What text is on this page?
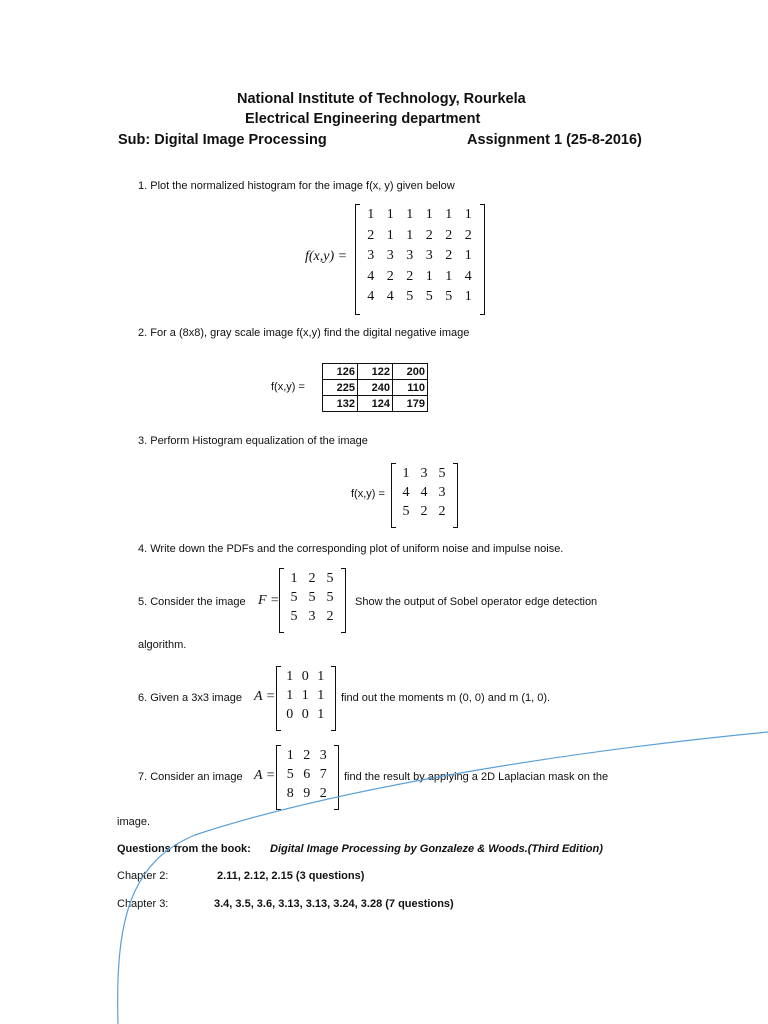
National Institute of Technology, Rourkela
Electrical Engineering department
Sub: Digital Image Processing	Assignment 1 (25-8-2016)
1. Plot the normalized histogram for the image f(x, y) given below
f(x,y) =
1 1 1 1 1 1
2 1 1 2 2 2
3 3 3 3 2 1
4 2 2 1 1 4
4 4 5 5 5 1
2. For a (8x8), gray scale image f(x,y) find the digital negative image
f(x,y) =
126	122	200
225	240	110
132	124	179
3. Perform Histogram equalization of the image
f(x,y) =
1 3 5
4 4 3
5 2 2
4. Write down the PDFs and the corresponding plot of uniform noise and impulse noise.
5. Consider the image F =
1 2 5
5 5 5
5 3 2
Show the output of Sobel operator edge detection
algorithm.
6. Given a 3x3 image A =
1 0 1
1 1 1
0 0 1
find out the moments m (0, 0) and m (1, 0).
7. Consider an image A =
1 2 3
5 6 7
8 9 2
find the result by applying a 2D Laplacian mask on the
image.
Questions from the book: Digital Image Processing by Gonzaleze & Woods.(Third Edition)
Chapter 2:	2.11, 2.12, 2.15 (3 questions)
Chapter 3:	3.4, 3.5, 3.6, 3.13, 3.13, 3.24, 3.28 (7 questions)
